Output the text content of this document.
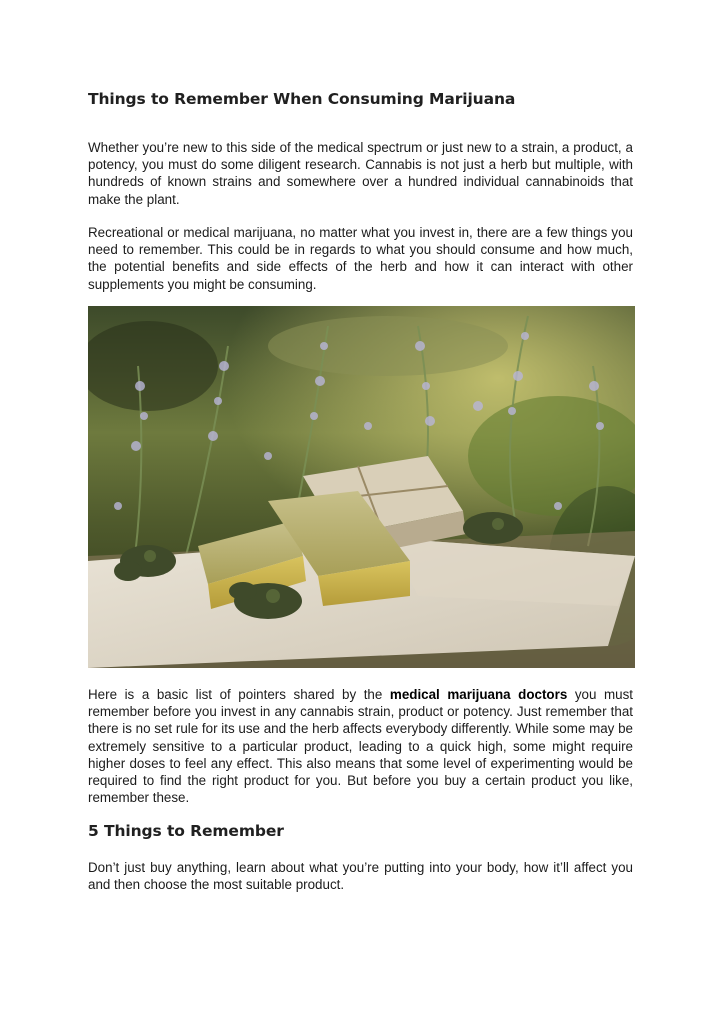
Things to Remember When Consuming Marijuana

Whether you’re new to this side of the medical spectrum or just new to a strain, a product, a potency, you must do some diligent research. Cannabis is not just a herb but multiple, with hundreds of known strains and somewhere over a hundred individual cannabinoids that make the plant.

Recreational or medical marijuana, no matter what you invest in, there are a few things you need to remember. This could be in regards to what you should consume and how much, the potential benefits and side effects of the herb and how it can interact with other supplements you might be consuming.

Here is a basic list of pointers shared by the medical marijuana doctors you must remember before you invest in any cannabis strain, product or potency. Just remember that there is no set rule for its use and the herb affects everybody differently. While some may be extremely sensitive to a particular product, leading to a quick high, some might require higher doses to feel any effect. This also means that some level of experimenting would be required to find the right product for you. But before you buy a certain product you like, remember these.

5 Things to Remember

Don’t just buy anything, learn about what you’re putting into your body, how it’ll affect you and then choose the most suitable product.
